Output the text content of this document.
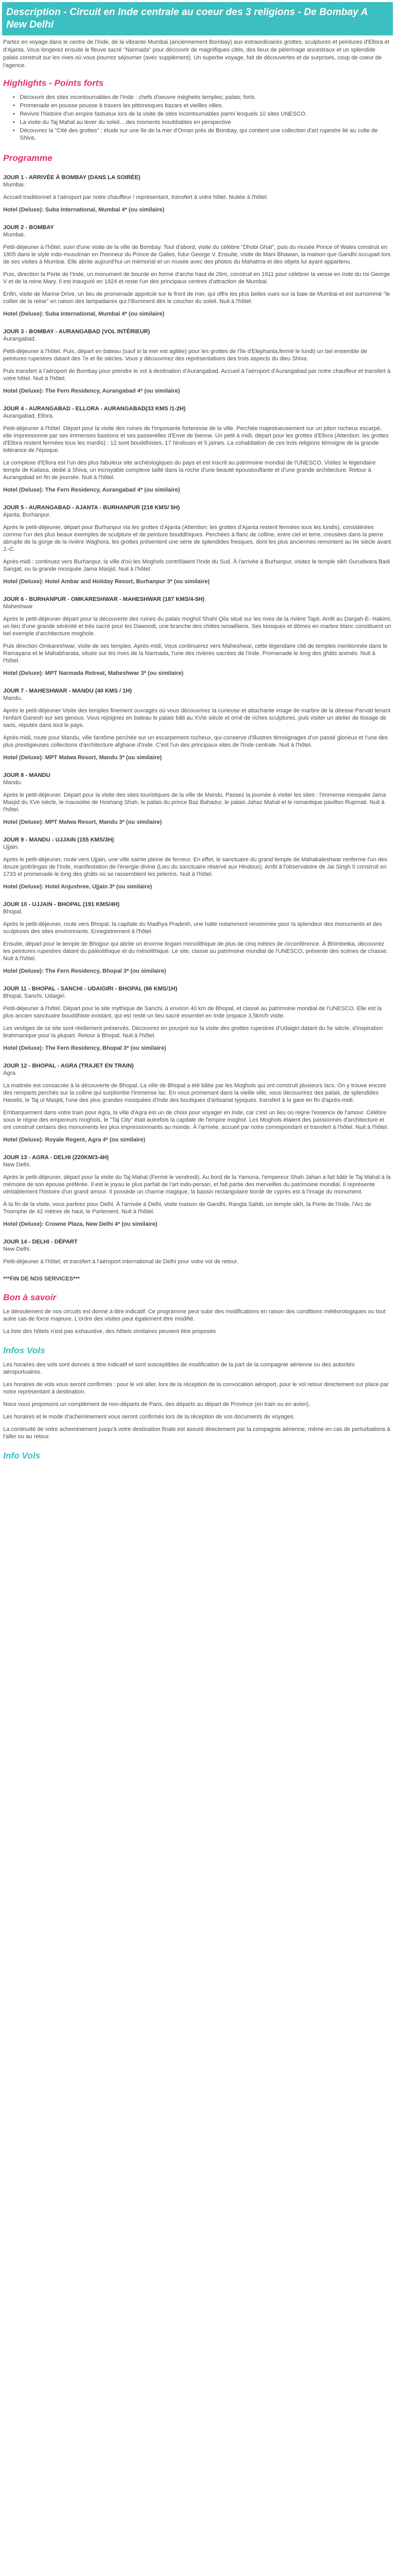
Description - Circuit en Inde centrale au coeur des 3 religions - De Bombay A New Delhi
Partez en voyage dans le centre de l'Inde, de la vibrante Mumbai (anciennement Bombay) aux extraordinaires grottes, sculptures et peintures d'Ellora et d'Ajanta. Vous longerez ensuite le fleuve sacré "Narmada" pour découvrir de magnifiques cités, des lieux de pèlerinage ancestraux et un splendide palais construit sur les rives où vous pourrez séjourner (avec supplément). Un superbe voyage, fait de découvertes et de surprises, coup de coeur de l'agence.
Highlights - Points forts
• Découvrir des sites incontournables de l'Inde : chefs d'oeuvre mégheits temples; palais; forts.
• Promenade en pousse pousse à travers les pittoresques bazars et vieilles villes.
• Revivre l'histoire d'un empire fastueux lors de la visite de sites incontournables parmi lesquels 10 sites UNESCO.
• La visite du Taj Mahal au lever du soleil... des moments inoubliables en perspective
• Découvrez la "Cité des grottes" ; étude sur une île de la mer d'Oman près de Bombay, qui contient une collection d'art rupestre lié au culte de Shiva.
Programme
JOUR 1 - ARRIVÉE À BOMBAY (DANS LA SOIRÉE)
Mumbai.
Accueil traditionnel à l'aéroport par notre chauffeur / représentant, transfert à votre hôtel. Nuitée à l'hôtel.
Hotel (Deluxe): Suba International, Mumbai 4* (ou similaire)
JOUR 2 - BOMBAY
Mumbai.
Petit-déjeuner à l'hôtel, suivi d'une visite de la ville de Bombay. Tout d'abord, visite du célèbre "Dhobi Ghat", puis du musée Prince of Wales construit en 1905 dans le style indo-musulman en l'honneur du Prince de Galles, futur George V. Ensuite, visite de Mani Bhawan, la maison que Gandhi occupait lors de ses visites à Mumbai. Elle abrite aujourd'hui un mémorial et un musée avec des photos du Mahatma et des objets lui ayant appartenu.
Puis, direction la Porte de l'Inde, un monument de bourde en forme d'arche haut de 26m, construit en 1911 pour célébrer la venue en Inde du roi George V et de la reine Mary. Il est inauguré en 1924 et reste l'un des principaux centres d'attraction de Mumbai.
Enfin, visite de Marine Drive, un lieu de promenade apprécié sur le front de mer, qui offre les plus belles vues sur la baie de Mumbai et est surnommé "le collier de la reine" en raison des lampadaires qui l'illuminent dès le coucher du soleil. Nuit à l'hôtel.
Hotel (Deluxe): Suba International, Mumbai 4* (ou similaire)
JOUR 3 - BOMBAY - AURANGABAD (VOL INTÉRIEUR)
Aurangabad.
Petit-déjeuner à l'hôtel. Puis, départ en bateau (sauf si la mer est agitée) pour les grottes de l'île d'Elephanta,fermé le lundi) un bel ensemble de peintures rupestres datant des 7e et 8e siècles. Vous y découvrirez des représentations des trois aspects du dieu Shiva.
Puis transfert à l'aéroport de Bombay pour prendre le vol à destination d'Aurangabad. Accueil à l'aéroport d'Aurangabad par notre chauffeur et transfert à votre hôtel. Nuit à l'hôtel.
Hotel (Deluxe): The Fern Residency, Aurangabad 4* (ou similaire)
JOUR 4 - AURANGABAD - ELLORA - AURANGABAD(33 KMS /1-2H)
Aurangabad, Ellora.
Petit-déjeuner à l'hôtel. Départ pour la visite des ruines de l'imposante forteresse de la ville. Perchée majestueusement sur un piton rocheux escarpé, elle impressionne par ses immenses bastions et ses passerelles d'Enve de bienne. Un petit à midi, départ pour les grottes d'Ellora (Attention: les grottes d'Ellora restent fermées tous les mardis) : 12 sont bouddhistes, 17 hindoues et 5 jaïnes. La cohabitation de ces trois religions témoigne de la grande tolérance de l'époque.
Le complexe d'Ellora est l'un des plus fabuleux site archéologiques du pays et est inscrit au patrimoine mondial de l'UNESCO. Visitez le légendaire temple de Kailasa, dédié à Shiva, un incroyable complexe taillé dans la roche d'une beauté époustouflante et d'une grande architecture. Retour à Aurangabad en fin de journée. Nuit à l'hôtel.
Hotel (Deluxe): The Fern Residency, Aurangabad 4* (ou similaire)
JOUR 5 - AURANGABAD - AJANTA - BURHANPUR (218 KMS/ 5H)
Ajanta, Burhanpur.
Après le petit-déjeuner, départ pour Burhanpur via les grottes d'Ajanta (Attention: les grottes d'Ajanta restent fermées tous les lundis), considérées comme l'un des plus beaux exemples de sculpture et de peinture bouddhiques. Perchées à flanc de colline, entre ciel et terre, creusées dans la pierre abrupte de la gorge de la rivière Waghora, les grottes présentent une série de splendides fresques, dont les plus anciennes remontent au IIe siècle avant J.-C.
Après-midi : continuez vers Burhanpur, la ville d'où les Moghols contrôlaient l'Inde du Sud. À l'arrivée à Burhanpur, visitez le temple sikh Gurudwara Badi Sangat, ou la grande mosquée Jama Masjid. Nuit à l'hôtel.
Hotel (Deluxe): Hotel Ambar and Holiday Resort, Burhanpur 3* (ou similaire)
JOUR 6 - BURHANPUR - OMKARESHWAR - MAHESHWAR (187 KMS/4-5H)
Maheshwar.
Après le petit-déjeuner départ pour la découverte des ruines du palais moghol Shahi Qila situé sur les rives de la rivière Tapti. Arrêt au Dargah-E- Hakimi, un lieu d'une grande sérénité et très sacré pour les Dawoodi, une branche des chiites ismaéliens. Ses kiosques et dômes en marbre blanc constituent un bel exemple d'architecture moghole.
Puis direction Omkareshwar, visite de ses temples. Après-midi, Vous continuerez vers Maheshwar, cette légendaire cité de temples mentionnée dans le Ramayana et le Mahabharata, située sur les rives de la Narmada, l'une des rivières sacrées de l'Inde. Promenade le long des ghâts animés. Nuit à l'hôtel.
Hotel (Deluxe): MPT Narmada Retreat, Maheshwar 3* (ou similaire)
JOUR 7 - MAHESHWAR - MANDU (40 KMS / 1H)
Mandu.
Après le petit-déjeuner Visite des temples finement ouvragés où vous découvrirez la curieuse et attachante image de marbre de la déesse Parvati tenant l'enfant Ganesh sur ses genoux. Vous rejoignez en bateau le palais bâti au XVIe siècle et orné de riches sculptures, puis visiter un atelier de tissage de saris, réputés dans tout le pays.
Après-midi, route pour Mandu, ville fantôme perchée sur un escarpement rocheux, qui conserve d'illustres témoignages d'un passé glorieux et l'une des plus prestigieuses collections d'architecture afghane d'Inde. C'est l'un des principaux sites de l'Inde centrale. Nuit à l'hôtel.
Hotel (Deluxe): MPT Malwa Resort, Mandu 3* (ou similaire)
JOUR 8 - MANDU
Mandu.
Après le petit-déjeuner. Départ pour la visite des sites touristiques de la ville de Mandu. Passez la journée à visiter les sites : l'immense mosquée Jama Masjid du XVe siècle, le mausolée de Hoshang Shah, le palais du prince Baz Bahadur, le palais Jahaz Mahal et le romantique pavillon Rupmati. Nuit à l'hôtel.
Hotel (Deluxe): MPT Malwa Resort, Mandu 3* (ou similaire)
JOUR 9 - MANDU - UJJAIN (155 KMS/3H)
Ujjain.
Après le petit-déjeuner, route vers Ujjain, une ville sainte pleine de ferveur. En effet, le sanctuaire du grand temple de Mahakaleshwar renferme l'un des douze jyotirlingas de l'Inde, manifestation de l'énergie divine (Lieu du sanctuaire réservé aux Hindous). Arrêt à l'observatoire de Jai Singh II construit en 1733 et promenade le long des ghâts où se rassemblent les pèlerins. Nuit à l'hôtel.
Hotel (Deluxe): Hotel Anjushree, Ujjain 3* (ou similaire)
JOUR 10 - UJJAIN - BHOPAL (191 KMS/4H)
Bhopal.
Après le petit-déjeuner, route vers Bhopal, la capitale du Madhya Pradesh, une halte notamment renommée pour la splendeur des monuments et des sculptures des sites environnants. Enregistrement à l'hôtel.
Ensuite, départ pour le temple de Bhojpur qui abrite un énorme lingam monolithique de plus de cinq mètres de circonférence. À Bhimbetka, découvrez les peintures rupestres datant du paléolithique et du mésolithique. Le site, classé au patrimoine mondial de l'UNESCO, présente des scènes de chasse. Nuit à l'hôtel.
Hotel (Deluxe): The Fern Residency, Bhopal 3* (ou similaire)
JOUR 11 - BHOPAL - SANCHI - UDAIGIRI - BHOPAL (66 KMS/1H)
Bhopal, Sanchi, Udaigiri.
Petit-déjeuner à l'hôtel. Départ pour le site mythique de Sanchi, à environ 40 km de Bhopal, et classé au patrimoine mondial de l'UNESCO. Elle est la plus ancien sanctuaire bouddhiste existant, qui est resté un lieu sacré essentiel en Inde (espace 3,5km/h visite.
Les vestiges de ce site sont réellement préservés. Découvrez en pourpré sur la visite des grottes rupestres d'Udaigiri datant du 5e siècle, d'inspiration brahmanique pour la plupart. Retour à Bhopal. Nuit à l'hôtel.
Hotel (Deluxe): The Fern Residency, Bhopal 3* (ou similaire)
JOUR 12 - BHOPAL - AGRA (TRAJET EN TRAIN)
Agra.
La matinée est consacrée à la découverte de Bhopal. La ville de Bhopal a été bâtie par les Moghols qui ont construit plusieurs lacs. On y trouve encore des remparts perchés sur la colline qui surplombe l'immense lac. En vous promenant dans la vieille ville, vous découvrirez des palais, de splendides Havelis, le Taj ul Masjid, l'une des plus grandes mosquées d'Inde des boutiques d'artisanat typiques. transfert à la gare en fin d'après-midi.
Embarquement dans votre train pour Agra, la ville d'Agra est un de choix pour voyager en Inde, car c'est un lieu où règne l'essence de l'amour. Célèbre sous le règne des empereurs moghols, le "Taj City" était autrefois la capitale de l'empire moghol. Les Moghols étaient des passionnés d'architecture et ont construit certains des monuments les plus impressionnants au monde. À l'arrivée, accueil par notre correspondant et transfert à l'hôtel. Nuit à l'hôtel.
Hotel (Deluxe): Royale Regent, Agra 4* (ou similaire)
JOUR 13 - AGRA - DELHI (220KM/3-4H)
New Delhi.
Après le petit-déjeuner, départ pour la visite du Taj Mahal (Fermé le vendredi). Au bord de la Yamuna, l'empereur Shah Jahan a fait bâtir le Taj Mahal à la mémoire de son épouse préférée. Il est le joyau le plus parfait de l'art indo-persan, et fait partie des merveilles du patrimoine mondial. Il représente véritablement l'histoire d'un grand amour. Il possède un charme magique, la bassin rectangulaire bordé de cyprès est à l'image du monument.
À la fin de la visite, vous partirez pour Delhi. À l'arrivée à Delhi, visite maison de Gandhi, Rangla Sahib, un temple sikh, la Porte de l'Inde, l'Arc de Triomphe de 42 mètres de haut, le Parlement. Nuit à l'hôtel.
Hotel (Deluxe): Crowne Plaza, New Delhi 4* (ou similaire)
JOUR 14 - DELHI - DÉPART
New Delhi.
Petit-déjeuner à l'hôtel, et transfert à l'aéroport international de Delhi pour votre vol de retour.
***FIN DE NOS SERVICES***
Bon à savoir
Le déroulement de nos circuits est donné à titre indicatif. Ce programme peut subir des modifications en raison des conditions météorologiques ou tout autre cas de force majeure. L'ordre des visites peut également être modifié.
La liste des hôtels n'est pas exhaustive, des hôtels similaires peuvent être proposés
Infos Vols
Les horaires des vols sont donnés à titre indicatif et sont susceptibles de modification de la part de la compagnie aérienne ou des autorités aéroportuaires.
Les horaires de vols vous seront confirmés : pour le vol aller, lors de la réception de la convocation aéroport, pour le vol retour directement sur place par notre représentant à destination.
Nous vous proposons un complément de non-départs de Paris, des départs au départ de Province (en train ou en avion).
Les horaires et le mode d'acheminement vous seront confirmés lors de la réception de vos documents de voyages.
La continuité de votre acheminement jusqu'à votre destination finale est assuré directement par la compagnie aérienne, même en cas de perturbations à l'aller ou au retour.
Info Vols
